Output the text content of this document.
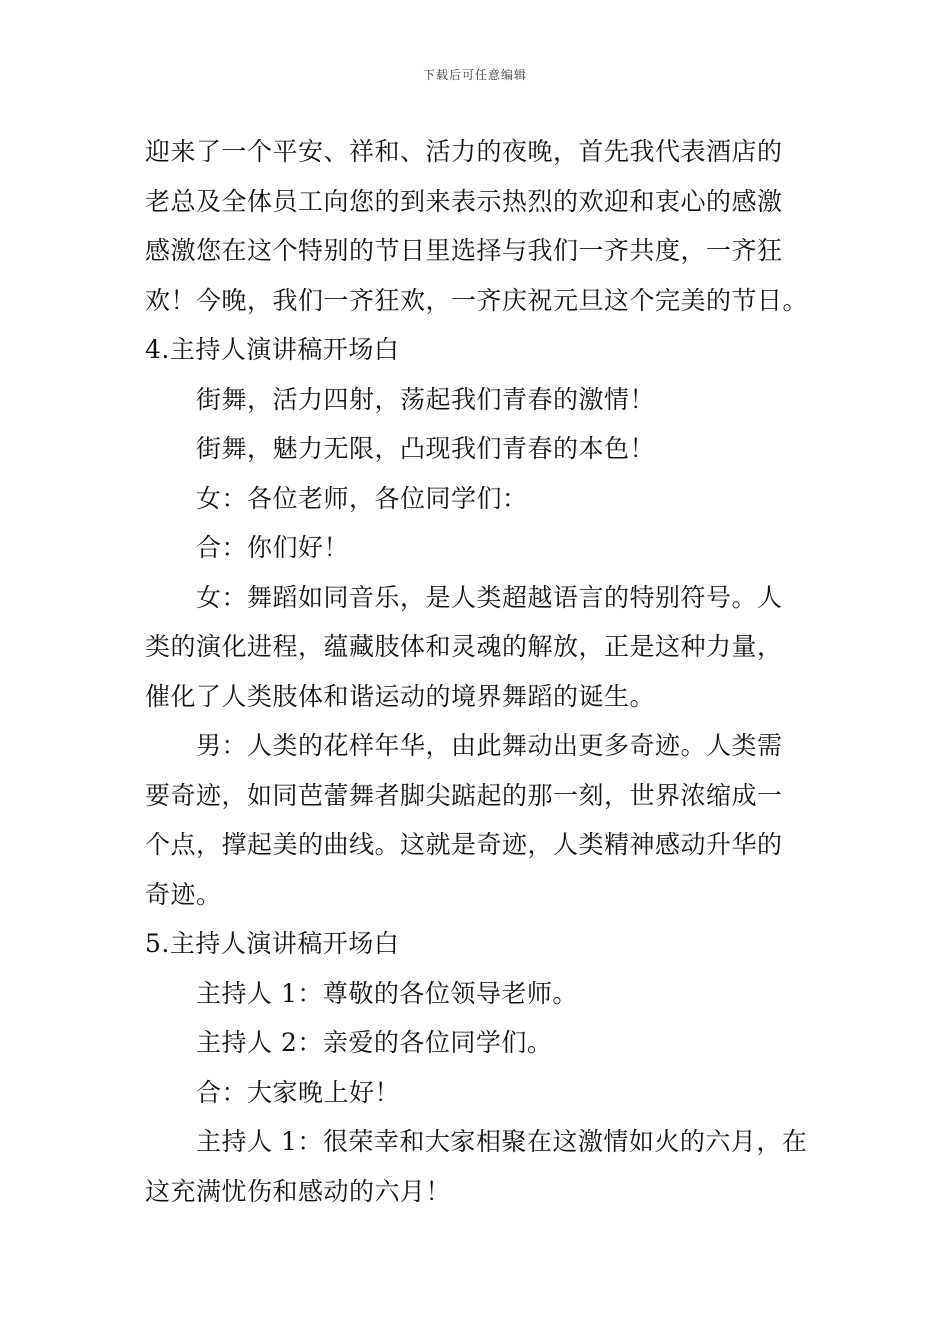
下载后可任意编辑

迎来了一个平安、祥和、活力的夜晚，首先我代表酒店的

老总及全体员工向您的到来表示热烈的欢迎和衷心的感激

感激您在这个特别的节日里选择与我们一齐共度，一齐狂

欢！今晚，我们一齐狂欢，一齐庆祝元旦这个完美的节日。

4.主持人演讲稿开场白

街舞，活力四射，荡起我们青春的激情！

街舞，魅力无限，凸现我们青春的本色！

女：各位老师，各位同学们：

合：你们好！

女：舞蹈如同音乐，是人类超越语言的特别符号。人

类的演化进程，蕴藏肢体和灵魂的解放，正是这种力量，

催化了人类肢体和谐运动的境界舞蹈的诞生。

男：人类的花样年华，由此舞动出更多奇迹。人类需

要奇迹，如同芭蕾舞者脚尖踮起的那一刻，世界浓缩成一

个点，撑起美的曲线。这就是奇迹，人类精神感动升华的

奇迹。

5.主持人演讲稿开场白

主持人 1：尊敬的各位领导老师。

主持人 2：亲爱的各位同学们。

合：大家晚上好！

主持人 1：很荣幸和大家相聚在这激情如火的六月，在

这充满忧伤和感动的六月！
